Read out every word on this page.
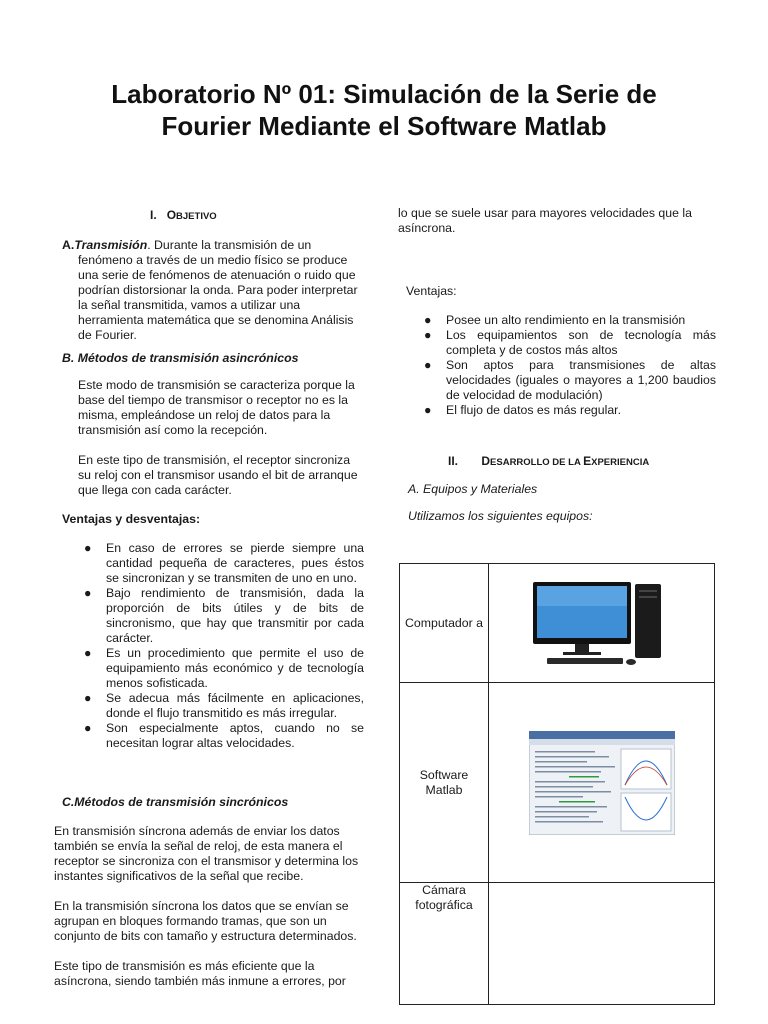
Laboratorio Nº 01: Simulación de la Serie de
Fourier Mediante el Software Matlab
I. OBJETIVO

A.Transmisión. Durante la transmisión de un fenómeno a través de un medio físico se produce una serie de fenómenos de atenuación o ruido que podrían distorsionar la onda. Para poder interpretar la señal transmitida, vamos a utilizar una herramienta matemática que se denomina Análisis de Fourier.

B. Métodos de transmisión asincrónicos

Este modo de transmisión se caracteriza porque la base del tiempo de transmisor o receptor no es la misma, empleándose un reloj de datos para la transmisión así como la recepción.

En este tipo de transmisión, el receptor sincroniza su reloj con el transmisor usando el bit de arranque que llega con cada carácter.

Ventajas y desventajas:

● En caso de errores se pierde siempre una cantidad pequeña de caracteres, pues éstos se sincronizan y se transmiten de uno en uno.
● Bajo rendimiento de transmisión, dada la proporción de bits útiles y de bits de sincronismo, que hay que transmitir por cada carácter.
● Es un procedimiento que permite el uso de equipamiento más económico y de tecnología menos sofisticada.
● Se adecua más fácilmente en aplicaciones, donde el flujo transmitido es más irregular.
● Son especialmente aptos, cuando no se necesitan lograr altas velocidades.

C.Métodos de transmisión sincrónicos

En transmisión síncrona además de enviar los datos también se envía la señal de reloj, de esta manera el receptor se sincroniza con el transmisor y determina los instantes significativos de la señal que recibe.

En la transmisión síncrona los datos que se envían se agrupan en bloques formando tramas, que son un conjunto de bits con tamaño y estructura determinados.

Este tipo de transmisión es más eficiente que la asíncrona, siendo también más inmune a errores, por

lo que se suele usar para mayores velocidades que la asíncrona.

Ventajas:

● Posee un alto rendimiento en la transmisión
● Los equipamientos son de tecnología más completa y de costos más altos
● Son aptos para transmisiones de altas velocidades (iguales o mayores a 1,200 baudios de velocidad de modulación)
● El flujo de datos es más regular.
II. DESARROLLO DE LA EXPERIENCIA

A. Equipos y Materiales

Utilizamos los siguientes equipos:

Computador a	

Software Matlab	

Cámara fotográfica	
